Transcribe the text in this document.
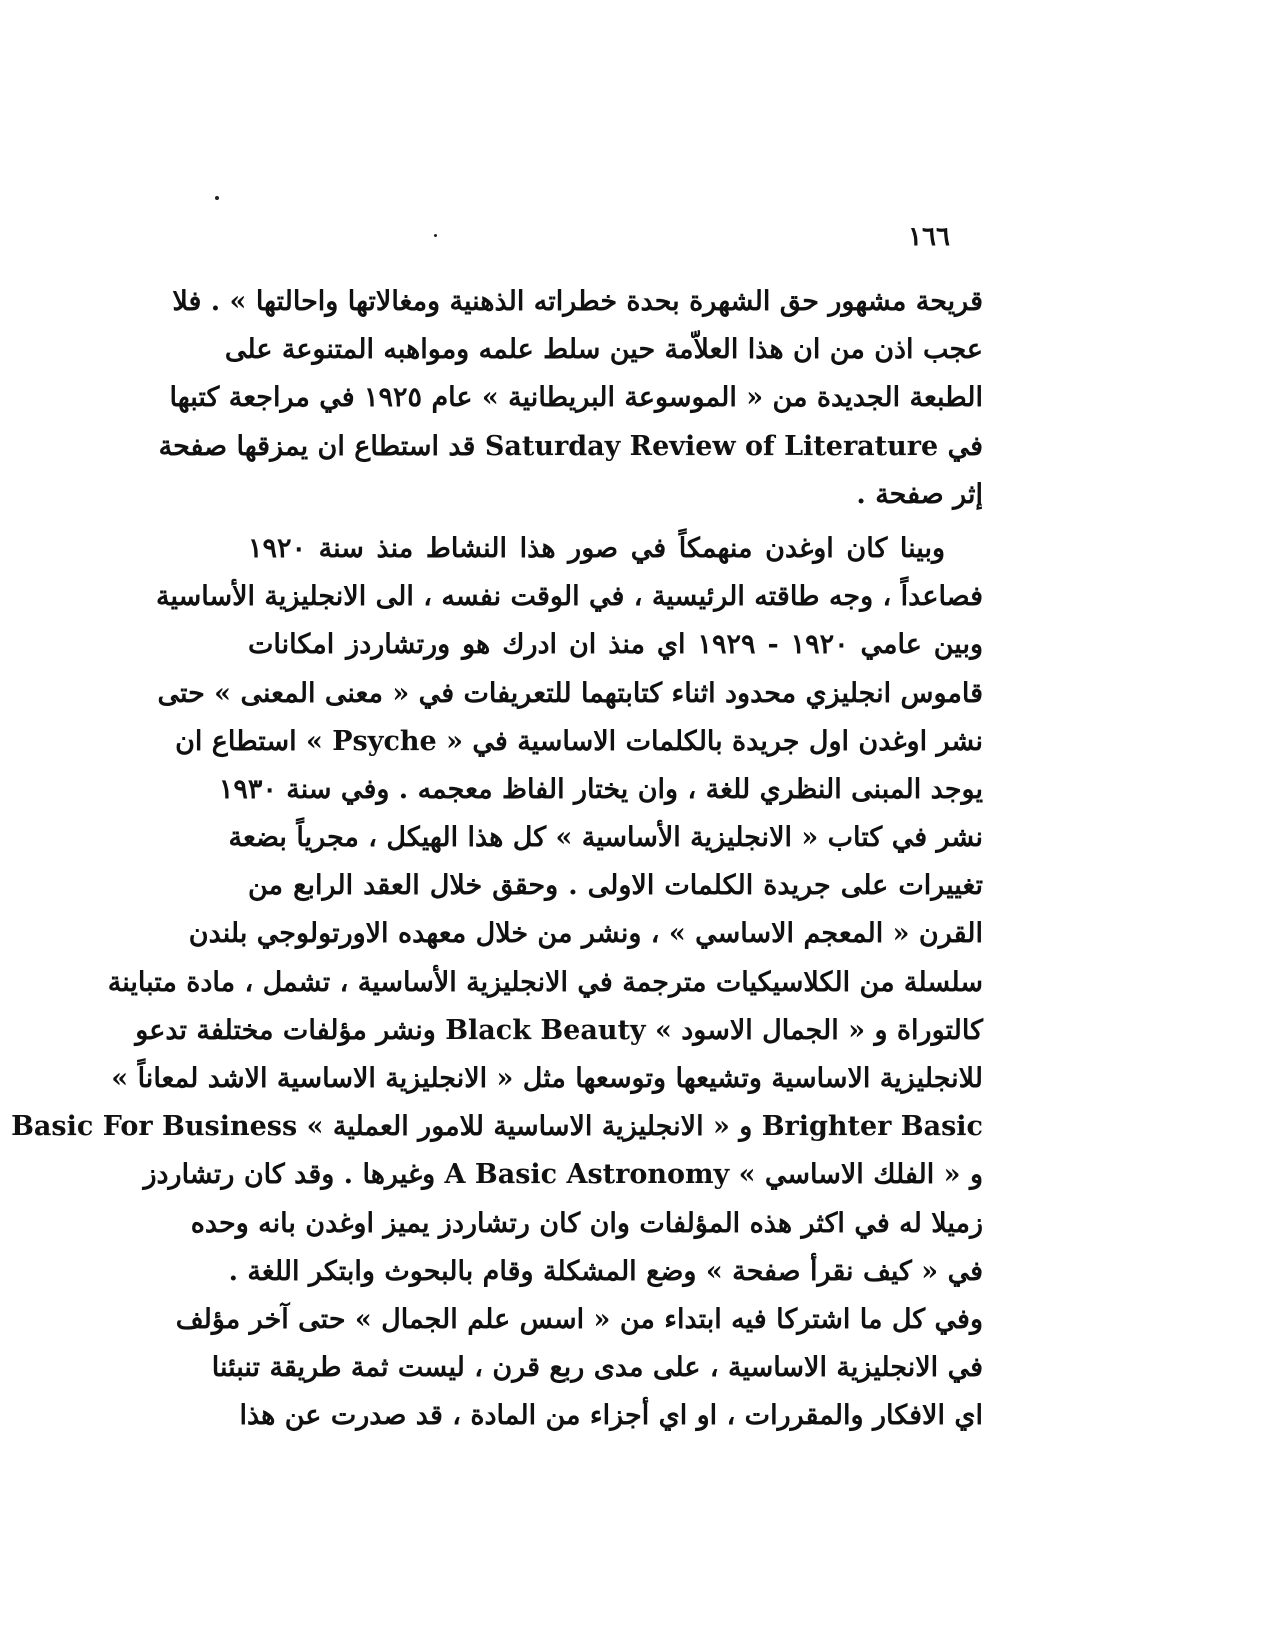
١٦٦
قريحة مشهور حق الشهرة بحدة خطراته الذهنية ومغالاتها واحالتها » . فلا
عجب اذن من ان هذا العلاّمة حين سلط علمه ومواهبه المتنوعة على
الطبعة الجديدة من « الموسوعة البريطانية » عام ١٩٢٥ في مراجعة كتبها
في Saturday Review of Literature قد استطاع ان يمزقها صفحة
إثر صفحة .
وبينا كان اوغدن منهمكاً في صور هذا النشاط منذ سنة ١٩٢٠
فصاعداً ، وجه طاقته الرئيسية ، في الوقت نفسه ، الى الانجليزية الأساسية
وبين عامي ١٩٢٠ - ١٩٢٩ اي منذ ان ادرك هو ورتشاردز امكانات
قاموس انجليزي محدود اثناء كتابتهما للتعريفات في « معنى المعنى » حتى
نشر اوغدن اول جريدة بالكلمات الاساسية في « Psyche » استطاع ان
يوجد المبنى النظري للغة ، وان يختار الفاظ معجمه . وفي سنة ١٩٣٠
نشر في كتاب « الانجليزية الأساسية » كل هذا الهيكل ، مجرياً بضعة
تغييرات على جريدة الكلمات الاولى . وحقق خلال العقد الرابع من
القرن « المعجم الاساسي » ، ونشر من خلال معهده الاورتولوجي بلندن
سلسلة من الكلاسيكيات مترجمة في الانجليزية الأساسية ، تشمل ، مادة متباينة
كالتوراة و « الجمال الاسود » Black Beauty ونشر مؤلفات مختلفة تدعو
للانجليزية الاساسية وتشيعها وتوسعها مثل « الانجليزية الاساسية الاشد لمعاناً »
Brighter Basic و « الانجليزية الاساسية للامور العملية » Basic For Business
و « الفلك الاساسي » A Basic Astronomy وغيرها . وقد كان رتشاردز
زميلا له في اكثر هذه المؤلفات وان كان رتشاردز يميز اوغدن بانه وحده
في « كيف نقرأ صفحة » وضع المشكلة وقام بالبحوث وابتكر اللغة .
وفي كل ما اشتركا فيه ابتداء من « اسس علم الجمال » حتى آخر مؤلف
في الانجليزية الاساسية ، على مدى ربع قرن ، ليست ثمة طريقة تنبئنا
اي الافكار والمقررات ، او اي أجزاء من المادة ، قد صدرت عن هذا
